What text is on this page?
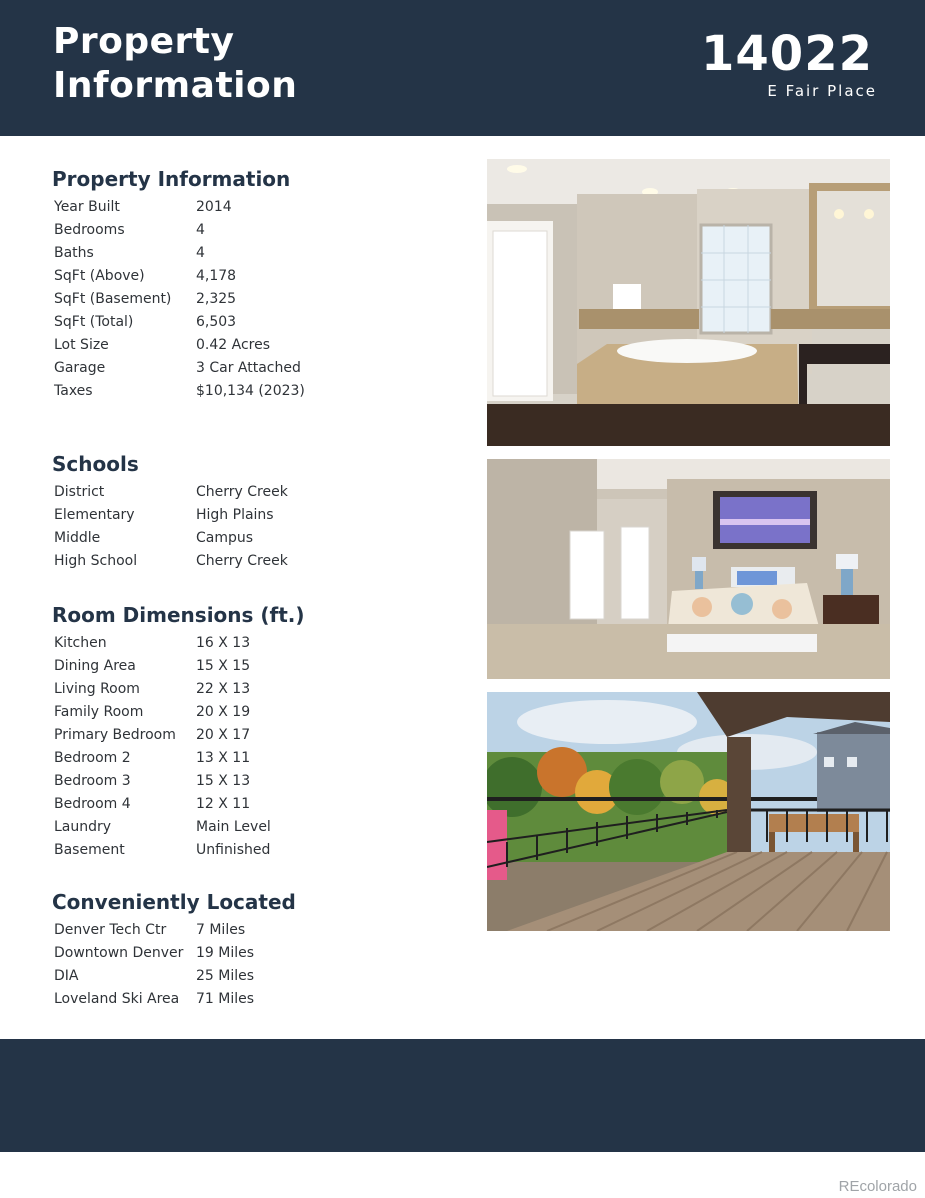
Property
Information
14022
E Fair Place
Property Information
Year Built	2014
Bedrooms	4
Baths	4
SqFt (Above)	4,178
SqFt (Basement)	2,325
SqFt (Total)	6,503
Lot Size	0.42 Acres
Garage	3 Car Attached
Taxes	$10,134 (2023)
Schools
District	Cherry Creek
Elementary	High Plains
Middle	Campus
High School	Cherry Creek
Room Dimensions (ft.)
Kitchen	16 X 13
Dining Area	15 X 15
Living Room	22 X 13
Family Room	20 X 19
Primary Bedroom	20 X 17
Bedroom 2	13 X 11
Bedroom 3	15 X 13
Bedroom 4	12 X 11
Laundry	Main Level
Basement	Unfinished
Conveniently Located
Denver Tech Ctr	7 Miles
Downtown Denver 19 Miles
DIA	25 Miles
Loveland Ski Area	71 Miles
REcolorado
